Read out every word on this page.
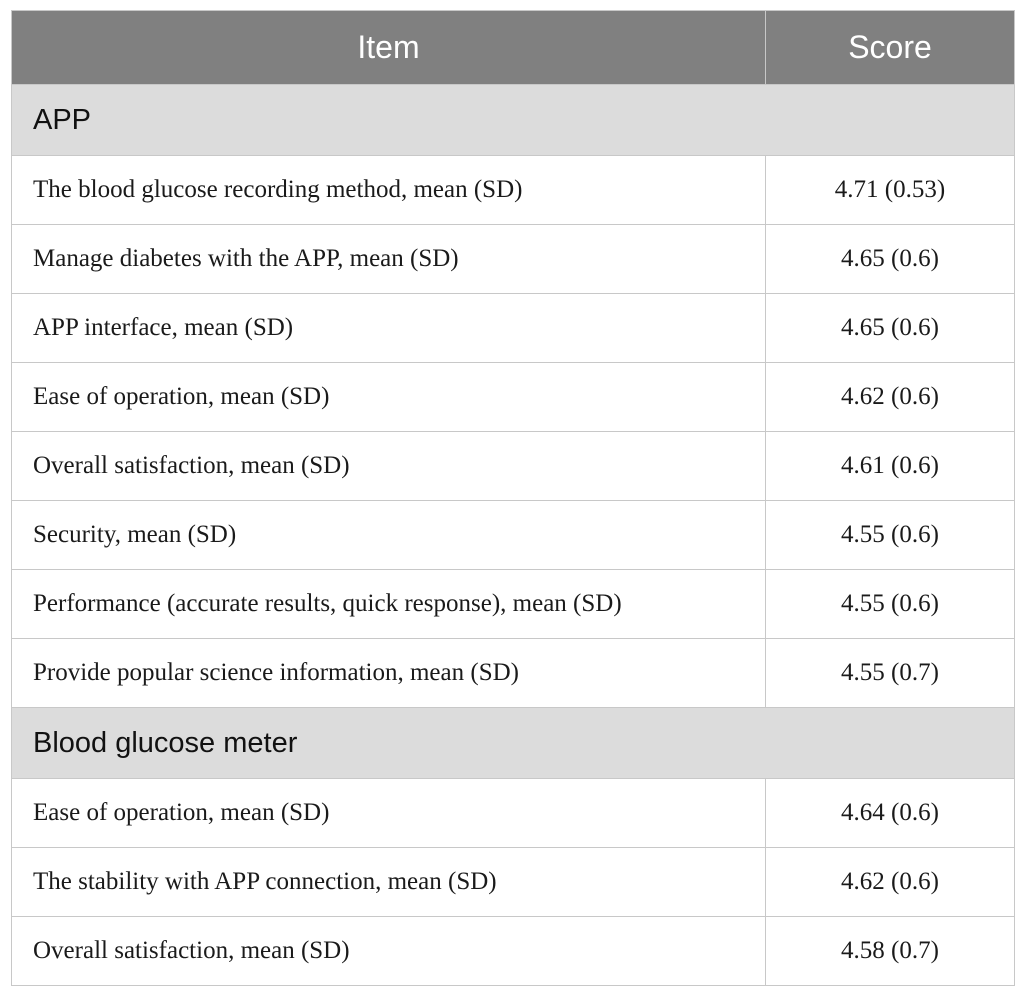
Item	Score
APP	
The blood glucose recording method, mean (SD)	4.71 (0.53)
Manage diabetes with the APP, mean (SD)	4.65 (0.6)
APP interface, mean (SD)	4.65 (0.6)
Ease of operation, mean (SD)	4.62 (0.6)
Overall satisfaction, mean (SD)	4.61 (0.6)
Security, mean (SD)	4.55 (0.6)
Performance (accurate results, quick response), mean (SD)	4.55 (0.6)
Provide popular science information, mean (SD)	4.55 (0.7)
Blood glucose meter	
Ease of operation, mean (SD)	4.64 (0.6)
The stability with APP connection, mean (SD)	4.62 (0.6)
Overall satisfaction, mean (SD)	4.58 (0.7)
